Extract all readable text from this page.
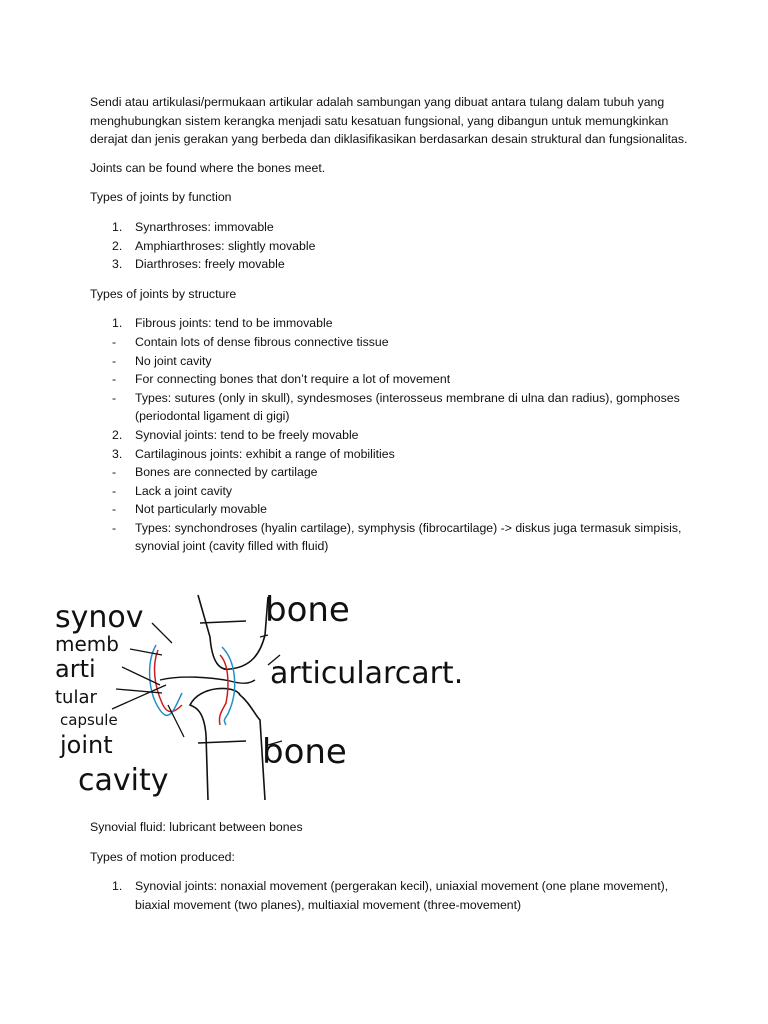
Sendi atau artikulasi/permukaan artikular adalah sambungan yang dibuat antara tulang dalam tubuh yang menghubungkan sistem kerangka menjadi satu kesatuan fungsional, yang dibangun untuk memungkinkan derajat dan jenis gerakan yang berbeda dan diklasifikasikan berdasarkan desain struktural dan fungsionalitas.

Joints can be found where the bones meet.

Types of joints by function

1. Synarthroses: immovable
2. Amphiarthroses: slightly movable
3. Diarthroses: freely movable

Types of joints by structure

1. Fibrous joints: tend to be immovable
- Contain lots of dense fibrous connective tissue
- No joint cavity
- For connecting bones that don’t require a lot of movement
- Types: sutures (only in skull), syndesmoses (interosseus membrane di ulna dan radius), gomphoses (periodontal ligament di gigi)
2. Synovial joints: tend to be freely movable
3. Cartilaginous joints: exhibit a range of mobilities
- Bones are connected by cartilage
- Lack a joint cavity
- Not particularly movable
- Types: synchondroses (hyalin cartilage), symphysis (fibrocartilage) -> diskus juga termasuk simpisis, synovial joint (cavity filled with fluid)
synov
memb
arti
tular
capsule
joint
cavity
bone
articularcart.
bone

Synovial fluid: lubricant between bones

Types of motion produced:

1. Synovial joints: nonaxial movement (pergerakan kecil), uniaxial movement (one plane movement), biaxial movement (two planes), multiaxial movement (three-movement)
